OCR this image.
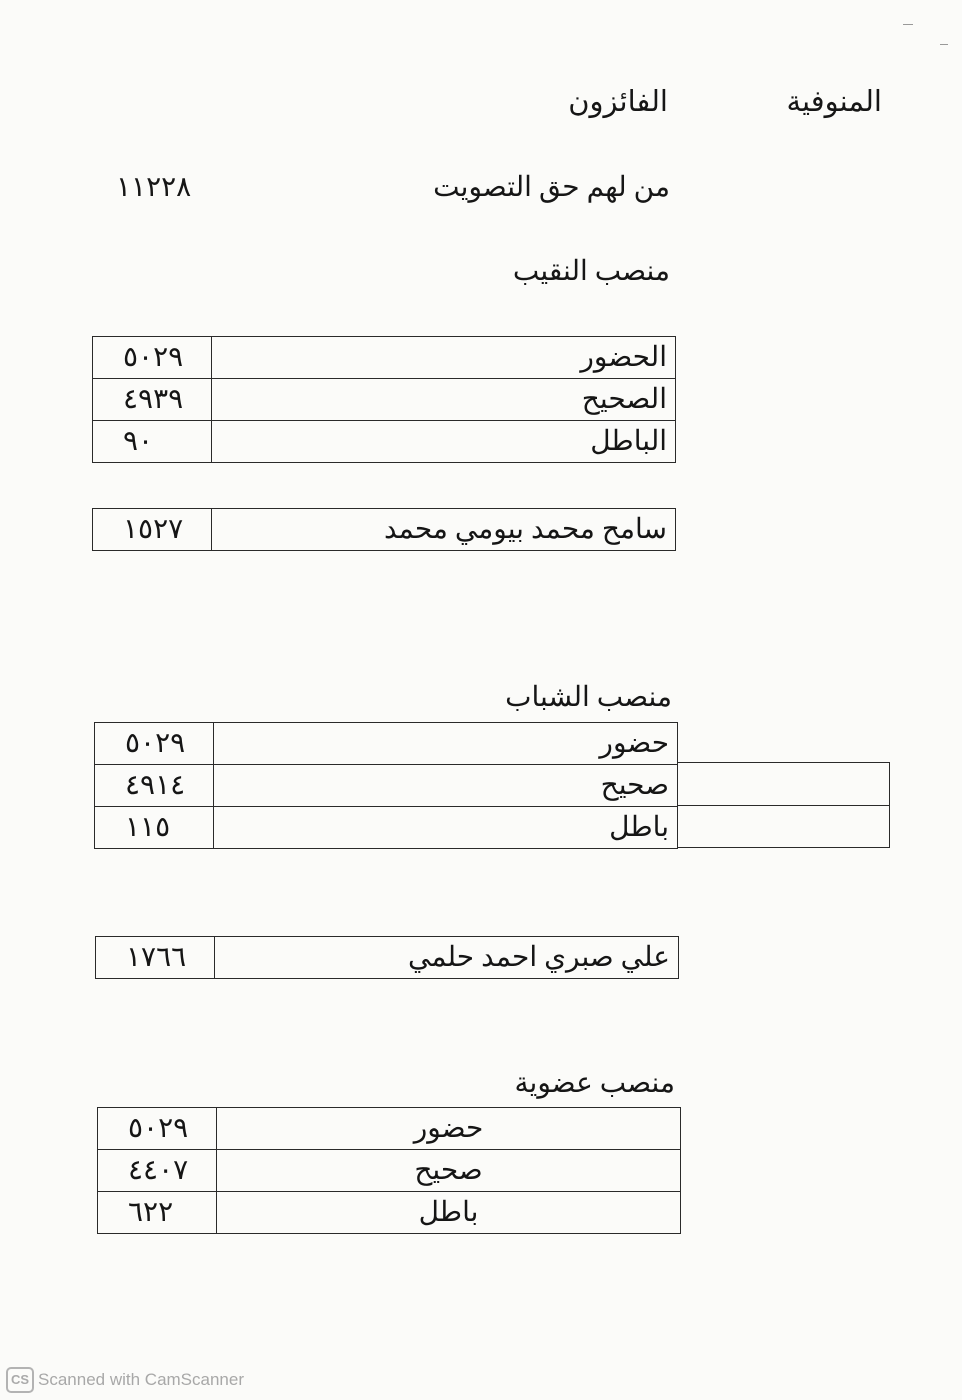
المنوفية
الفائزون
من لهم حق التصويت
١١٢٢٨
منصب النقيب
الحضور	٥٠٢٩
الصحيح	٤٩٣٩
الباطل	٩٠
سامح محمد بيومي محمد	١٥٢٧
منصب الشباب
حضور	٥٠٢٩
صحيح	٤٩١٤
باطل	١١٥
علي صبري احمد حلمي	١٧٦٦
منصب عضوية
حضور	٥٠٢٩
صحيح	٤٤٠٧
باطل	٦٢٢
CS Scanned with CamScanner
